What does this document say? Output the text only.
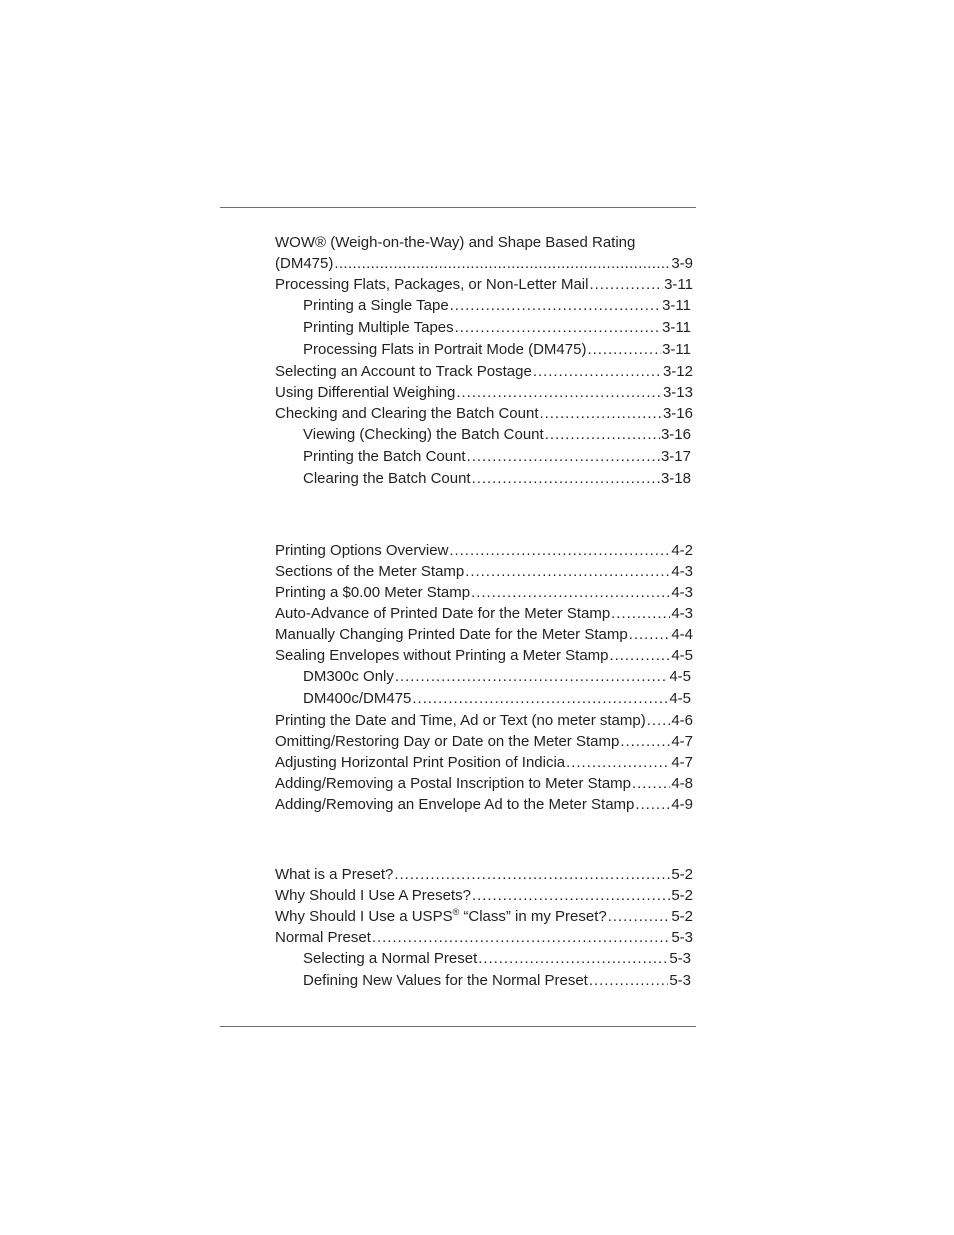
WOW® (Weigh-on-the-Way) and Shape Based Rating
(DM475) . . .	3-9
Processing Flats, Packages, or Non-Letter Mail . . .	3-11
Printing a Single Tape . . .	3-11
Printing Multiple Tapes . . .	3-11
Processing Flats in Portrait Mode (DM475) . . .	3-11
Selecting an Account to Track Postage . . .	3-12
Using Differential Weighing . . .	3-13
Checking and Clearing the Batch Count . . .	3-16
Viewing (Checking) the Batch Count . . .	3-16
Printing the Batch Count . . .	3-17
Clearing the Batch Count . . .	3-18
Printing Options Overview . . .	4-2
Sections of the Meter Stamp . . .	4-3
Printing a $0.00 Meter Stamp . . .	4-3
Auto-Advance of Printed Date for the Meter Stamp . . .	4-3
Manually Changing Printed Date for the Meter Stamp . . .	4-4
Sealing Envelopes without Printing a Meter Stamp . . .	4-5
DM300c Only . . .	4-5
DM400c/DM475 . . .	4-5
Printing the Date and Time, Ad or Text (no meter stamp) . . . 4-6
Omitting/Restoring Day or Date on the Meter Stamp . . .	4-7
Adjusting Horizontal Print Position of Indicia . . .	4-7
Adding/Removing a Postal Inscription to Meter Stamp . . .	4-8
Adding/Removing an Envelope Ad to the Meter Stamp . . . 4-9
What is a Preset? . . .	5-2
Why Should I Use A Presets? . . .	5-2
Why Should I Use a USPS® “Class” in my Preset? . . .	5-2
Normal Preset . . .	5-3
Selecting a Normal Preset . . .	5-3
Defining New Values for the Normal Preset . . .	5-3
